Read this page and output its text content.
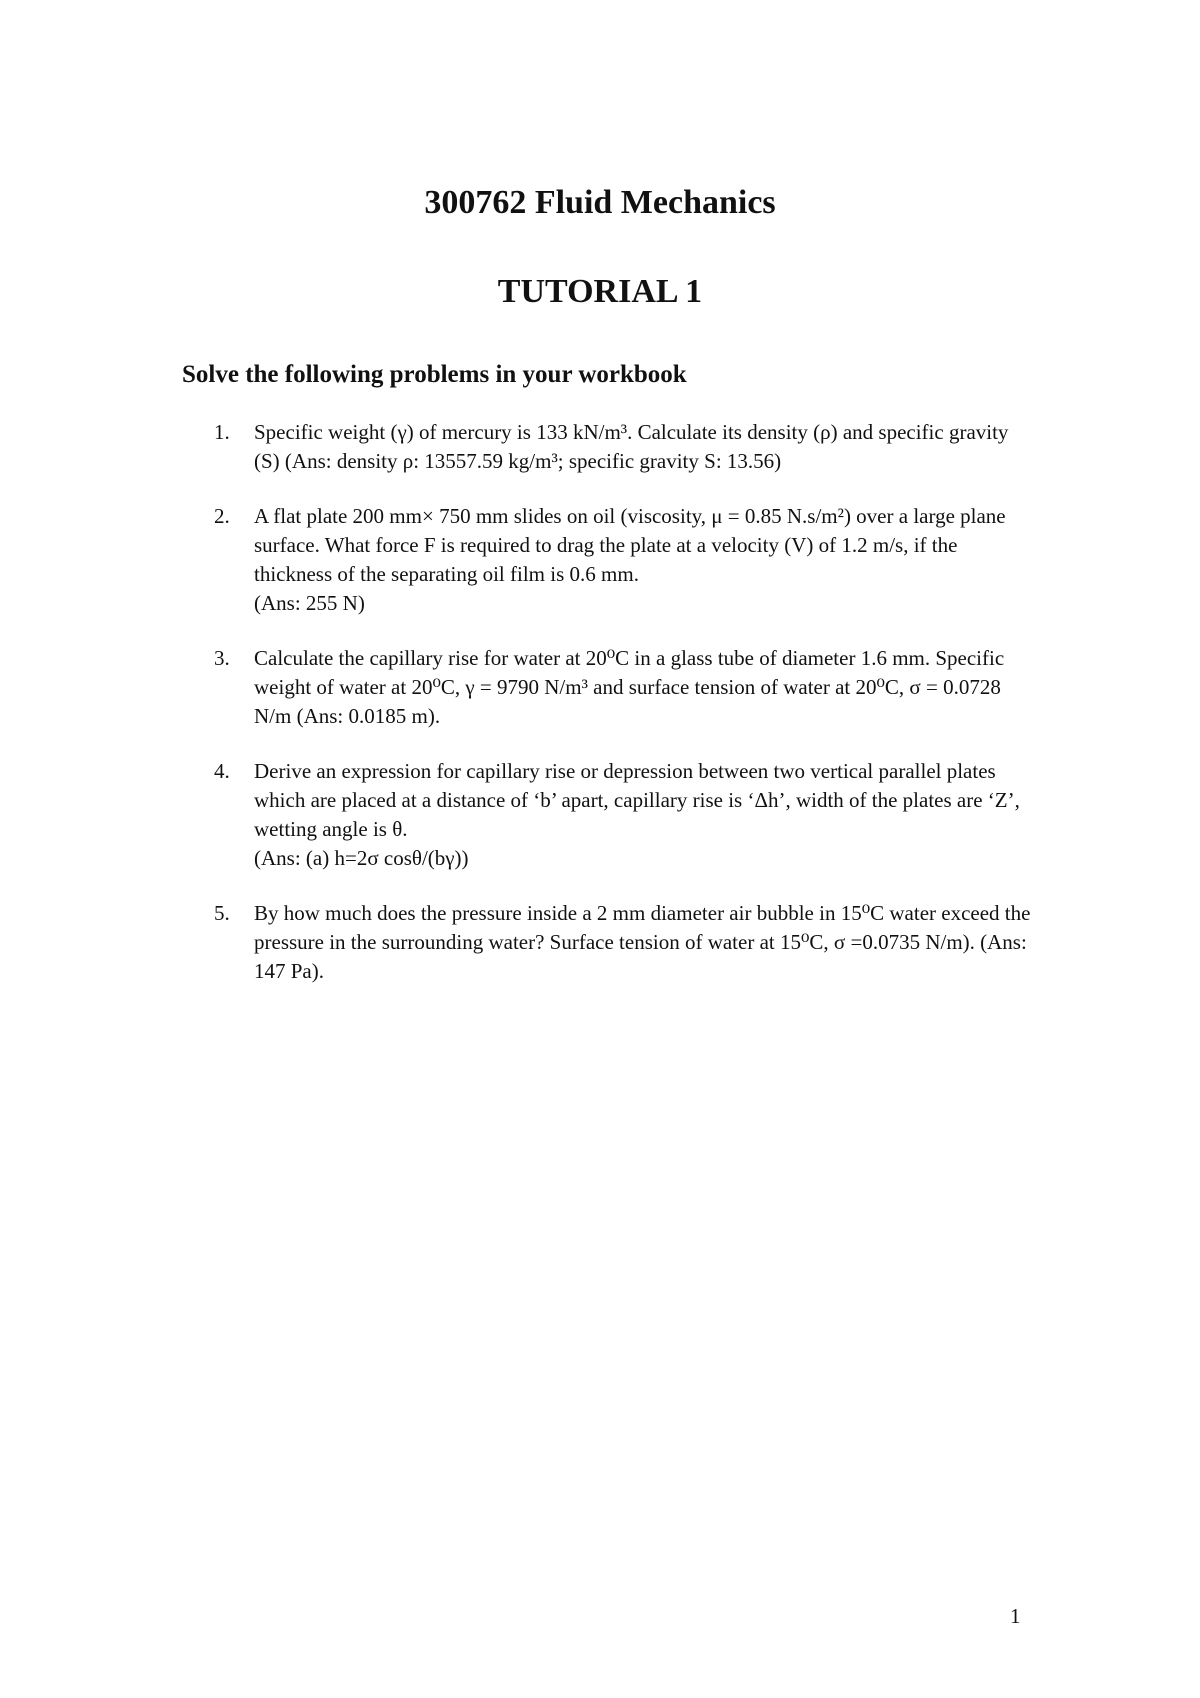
300762 Fluid Mechanics
TUTORIAL 1
Solve the following problems in your workbook
1. Specific weight (γ) of mercury is 133 kN/m³. Calculate its density (ρ) and specific gravity (S) (Ans: density ρ: 13557.59 kg/m³; specific gravity S: 13.56)
2. A flat plate 200 mm× 750 mm slides on oil (viscosity, μ = 0.85 N.s/m²) over a large plane surface. What force F is required to drag the plate at a velocity (V) of 1.2 m/s, if the thickness of the separating oil film is 0.6 mm.
(Ans: 255 N)
3. Calculate the capillary rise for water at 20⁰C in a glass tube of diameter 1.6 mm. Specific weight of water at 20⁰C, γ = 9790 N/m³ and surface tension of water at 20⁰C, σ = 0.0728 N/m (Ans: 0.0185 m).
4. Derive an expression for capillary rise or depression between two vertical parallel plates which are placed at a distance of ‘b’ apart, capillary rise is ‘Δh’, width of the plates are ‘Z’, wetting angle is θ.
(Ans: (a) h=2σ cosθ/(bγ))
5. By how much does the pressure inside a 2 mm diameter air bubble in 15⁰C water exceed the pressure in the surrounding water? Surface tension of water at 15⁰C, σ =0.0735 N/m). (Ans: 147 Pa).
1
